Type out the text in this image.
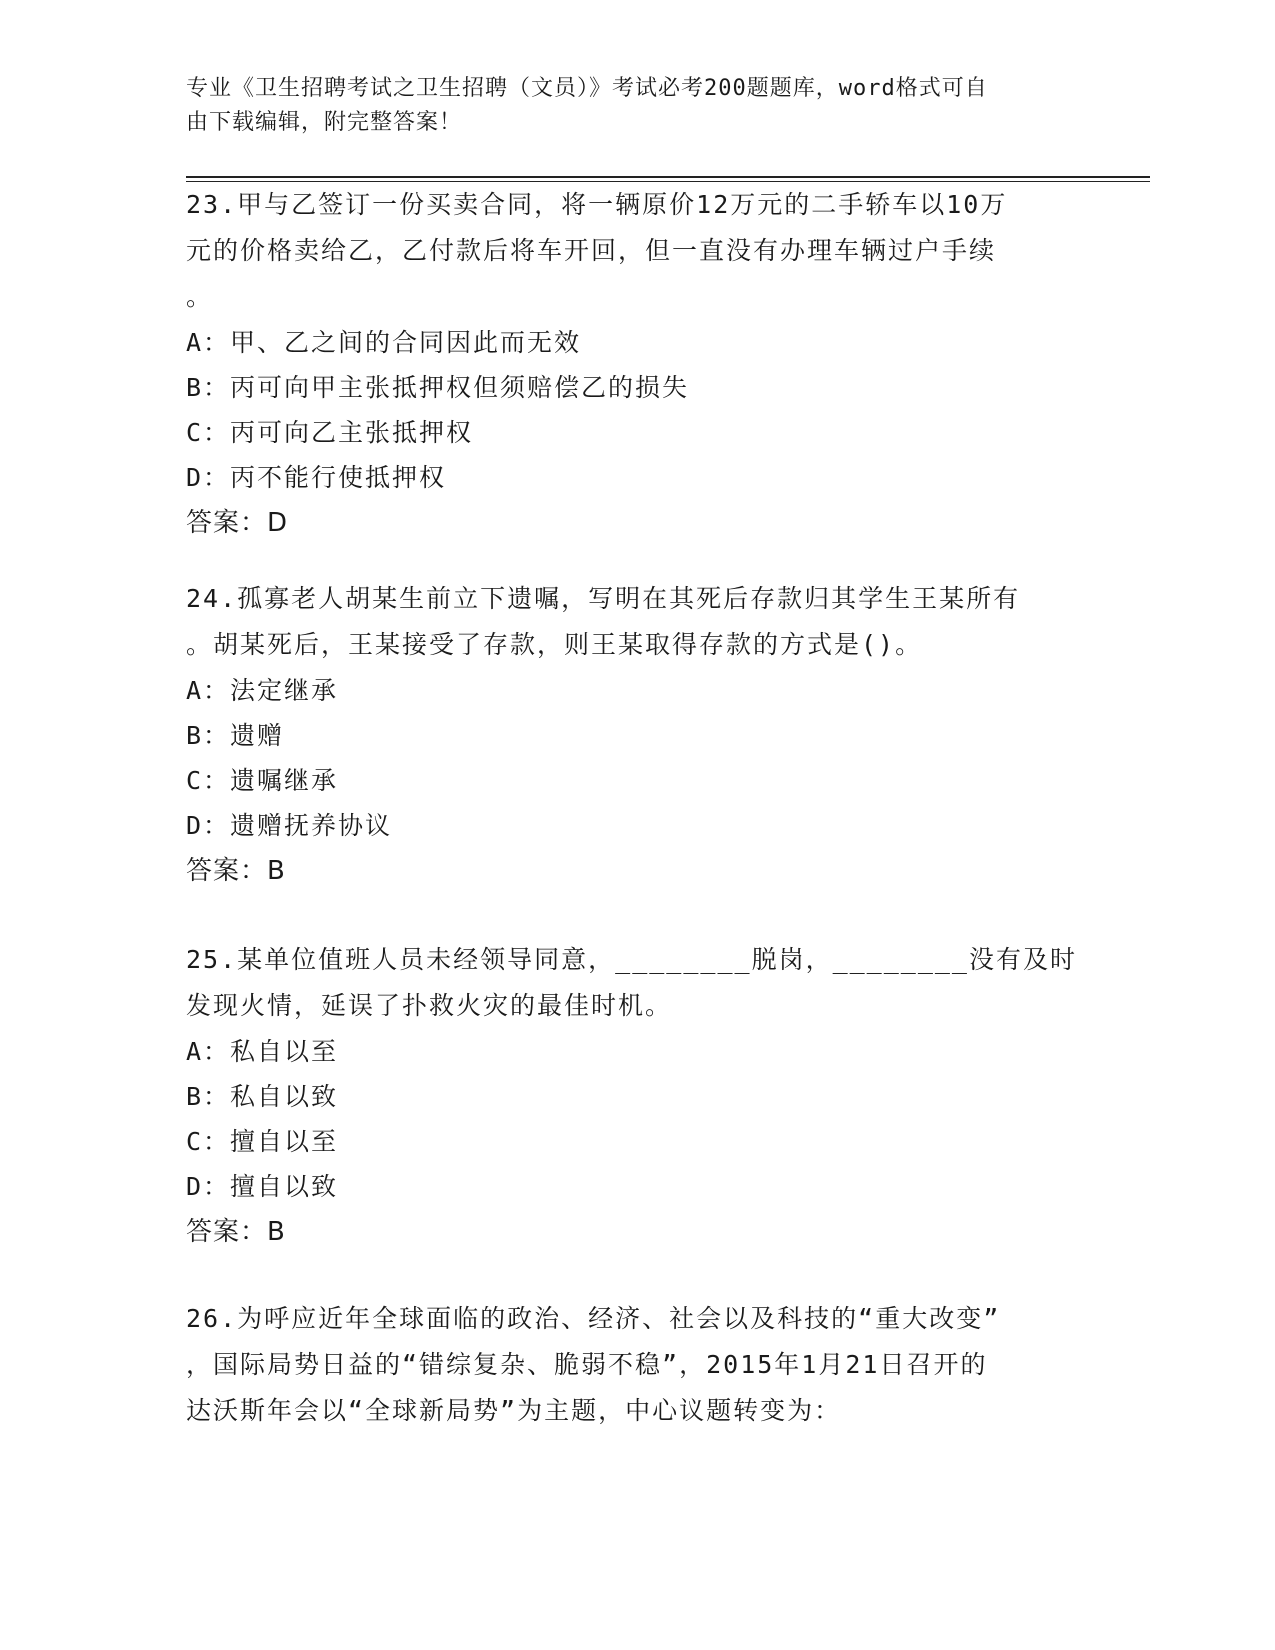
专业《卫生招聘考试之卫生招聘（文员）》考试必考200题题库，word格式可自
由下载编辑，附完整答案！
23.甲与乙签订一份买卖合同，将一辆原价12万元的二手轿车以10万
元的价格卖给乙，乙付款后将车开回，但一直没有办理车辆过户手续
。
A：甲、乙之间的合同因此而无效
B：丙可向甲主张抵押权但须赔偿乙的损失
C：丙可向乙主张抵押权
D：丙不能行使抵押权
答案：D
24.孤寡老人胡某生前立下遗嘱，写明在其死后存款归其学生王某所有
。胡某死后，王某接受了存款，则王某取得存款的方式是()。
A：法定继承
B：遗赠
C：遗嘱继承
D：遗赠抚养协议
答案：B
25.某单位值班人员未经领导同意，________脱岗，________没有及时
发现火情，延误了扑救火灾的最佳时机。
A：私自以至
B：私自以致
C：擅自以至
D：擅自以致
答案：B
26.为呼应近年全球面临的政治、经济、社会以及科技的“重大改变”
，国际局势日益的“错综复杂、脆弱不稳”，2015年1月21日召开的
达沃斯年会以“全球新局势”为主题，中心议题转变为：
